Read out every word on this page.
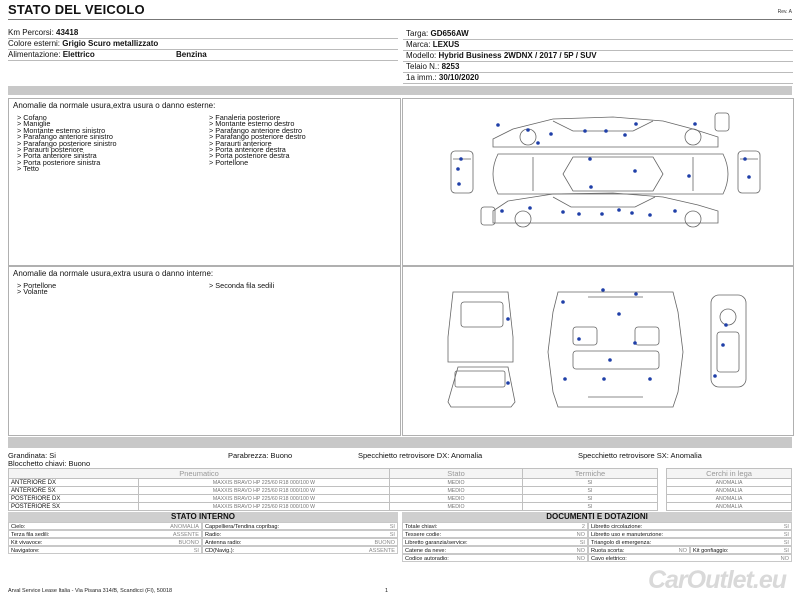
STATO DEL VEICOLO	Rev. A
Km Percorsi: 43418
Colore esterni: Grigio Scuro metallizzato
Alimentazione: Elettrico	Benzina
Targa: GD656AW
Marca: LEXUS
Modello: Hybrid Business 2WDNX / 2017 / 5P / SUV
Telaio N.: 8253
1a imm.: 30/10/2020
Anomalie da normale usura,extra usura o danno esterne:
> Cofano
> Maniglie
> Montante esterno sinistro
> Parafango anteriore sinistro
> Parafango posteriore sinistro
> Paraurti posteriore
> Porta anteriore sinistra
> Porta posteriore sinistra
> Tetto
> Fanaleria posteriore
> Montante esterno destro
> Parafango anteriore destro
> Parafango posteriore destro
> Paraurti anteriore
> Porta anteriore destra
> Porta posteriore destra
> Portellone
Anomalie da normale usura,extra usura o danno interne:
> Portellone
> Volante
> Seconda fila sedili
Grandinata: Si	Parabrezza: Buono	Specchietto retrovisore DX: Anomalia	Specchietto retrovisore SX: Anomalia
Blocchetto chiavi: Buono
Pneumatico		Stato	Termiche		Cerchi in lega
ANTERIORE DX	MAXXIS BRAVO HP 225/60 R18 000/100 W	MEDIO	SI		ANOMALIA
ANTERIORE SX	MAXXIS BRAVO HP 225/60 R18 000/100 W	MEDIO	SI		ANOMALIA
POSTERIORE DX	MAXXIS BRAVO HP 225/60 R18 000/100 W	MEDIO	SI		ANOMALIA
POSTERIORE SX	MAXXIS BRAVO HP 225/60 R18 000/100 W	MEDIO	SI		ANOMALIA
STATO INTERNO
Cielo:	ANOMALIA Cappelliera/Tendina copribag:	SI
Terza fila sedili:	ASSENTE Radio:	SI
Kit vivavoce:	BUONO Antenna radio:	BUONO
Navigatore:	SI CD(Navig.):	ASSENTE
DOCUMENTI E DOTAZIONI
Totale chiavi:	2 Libretto circolazione:	SI
Tessere codie:	NO Libretto uso e manutenzione:	SI
Libretto garanzia/service:	SI Triangolo di emergenza:	SI
Catene da neve:	NO Ruota scorta:	NO Kit gonfiaggio:	SI
Codice autoradio:	NO Cavo elettrico:	NO
CarOutlet.eu
Arval Service Lease Italia - Via Pisana 314/B, Scandicci (FI), 50018	1
